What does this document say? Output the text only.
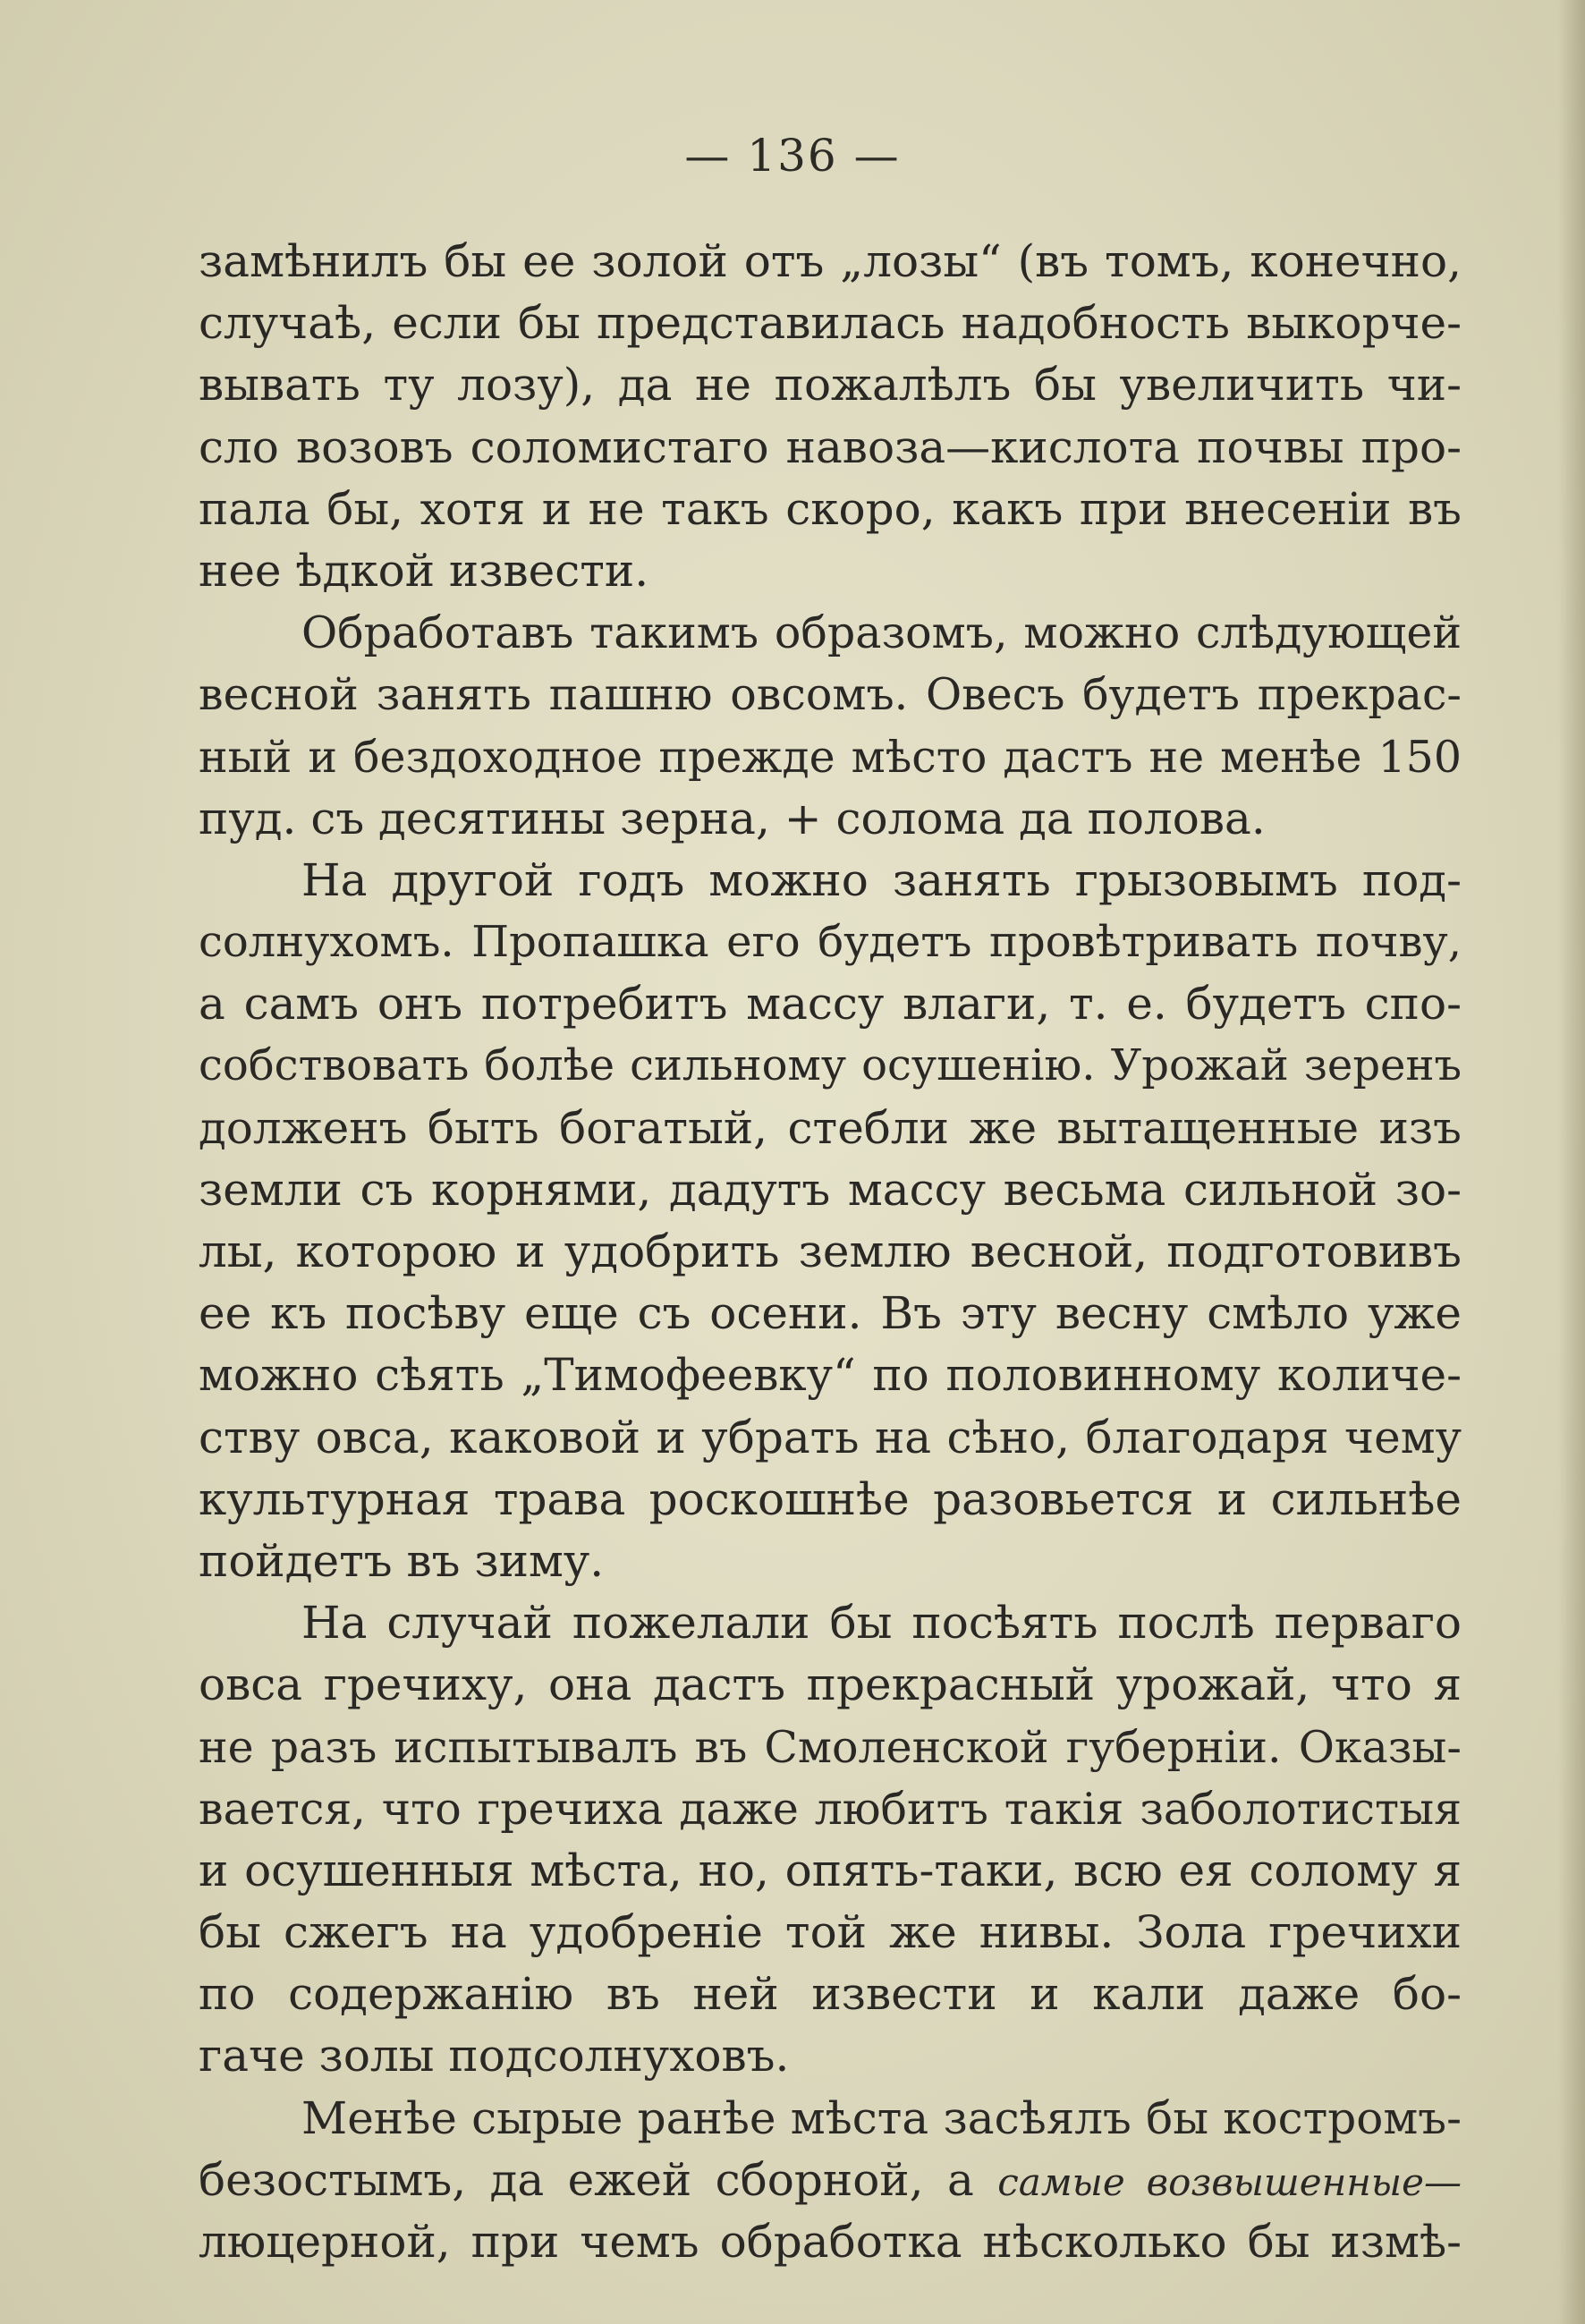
— 136 —
замѣнилъ бы ее золой отъ „лозы“ (въ томъ, конечно,
случаѣ, если бы представилась надобность выкорче-
вывать ту лозу), да не пожалѣлъ бы увеличить чи-
сло возовъ соломистаго навоза—кислота почвы про-
пала бы, хотя и не такъ скоро, какъ при внесеніи въ
нее ѣдкой извести.
Обработавъ такимъ образомъ, можно слѣдующей
весной занять пашню овсомъ. Овесъ будетъ прекрас-
ный и бездоходное прежде мѣсто дастъ не менѣе 150
пуд. съ десятины зерна, + солома да полова.
На другой годъ можно занять грызовымъ под-
солнухомъ. Пропашка его будетъ провѣтривать почву,
а самъ онъ потребитъ массу влаги, т. е. будетъ спо-
собствовать болѣе сильному осушенію. Урожай зеренъ
долженъ быть богатый, стебли же вытащенные изъ
земли съ корнями, дадутъ массу весьма сильной зо-
лы, которою и удобрить землю весной, подготовивъ
ее къ посѣву еще съ осени. Въ эту весну смѣло уже
можно сѣять „Тимофеевку“ по половинному количе-
ству овса, каковой и убрать на сѣно, благодаря чему
культурная трава роскошнѣе разовьется и сильнѣе
пойдетъ въ зиму.
На случай пожелали бы посѣять послѣ перваго
овса гречиху, она дастъ прекрасный урожай, что я
не разъ испытывалъ въ Смоленской губерніи. Оказы-
вается, что гречиха даже любитъ такія заболотистыя
и осушенныя мѣста, но, опять-таки, всю ея солому я
бы сжегъ на удобреніе той же нивы. Зола гречихи
по содержанію въ ней извести и кали даже бо-
гаче золы подсолнуховъ.
Менѣе сырые ранѣе мѣста засѣялъ бы костромъ-
безостымъ, да ежей сборной, а самые возвышенные—
люцерной, при чемъ обработка нѣсколько бы измѣ-
